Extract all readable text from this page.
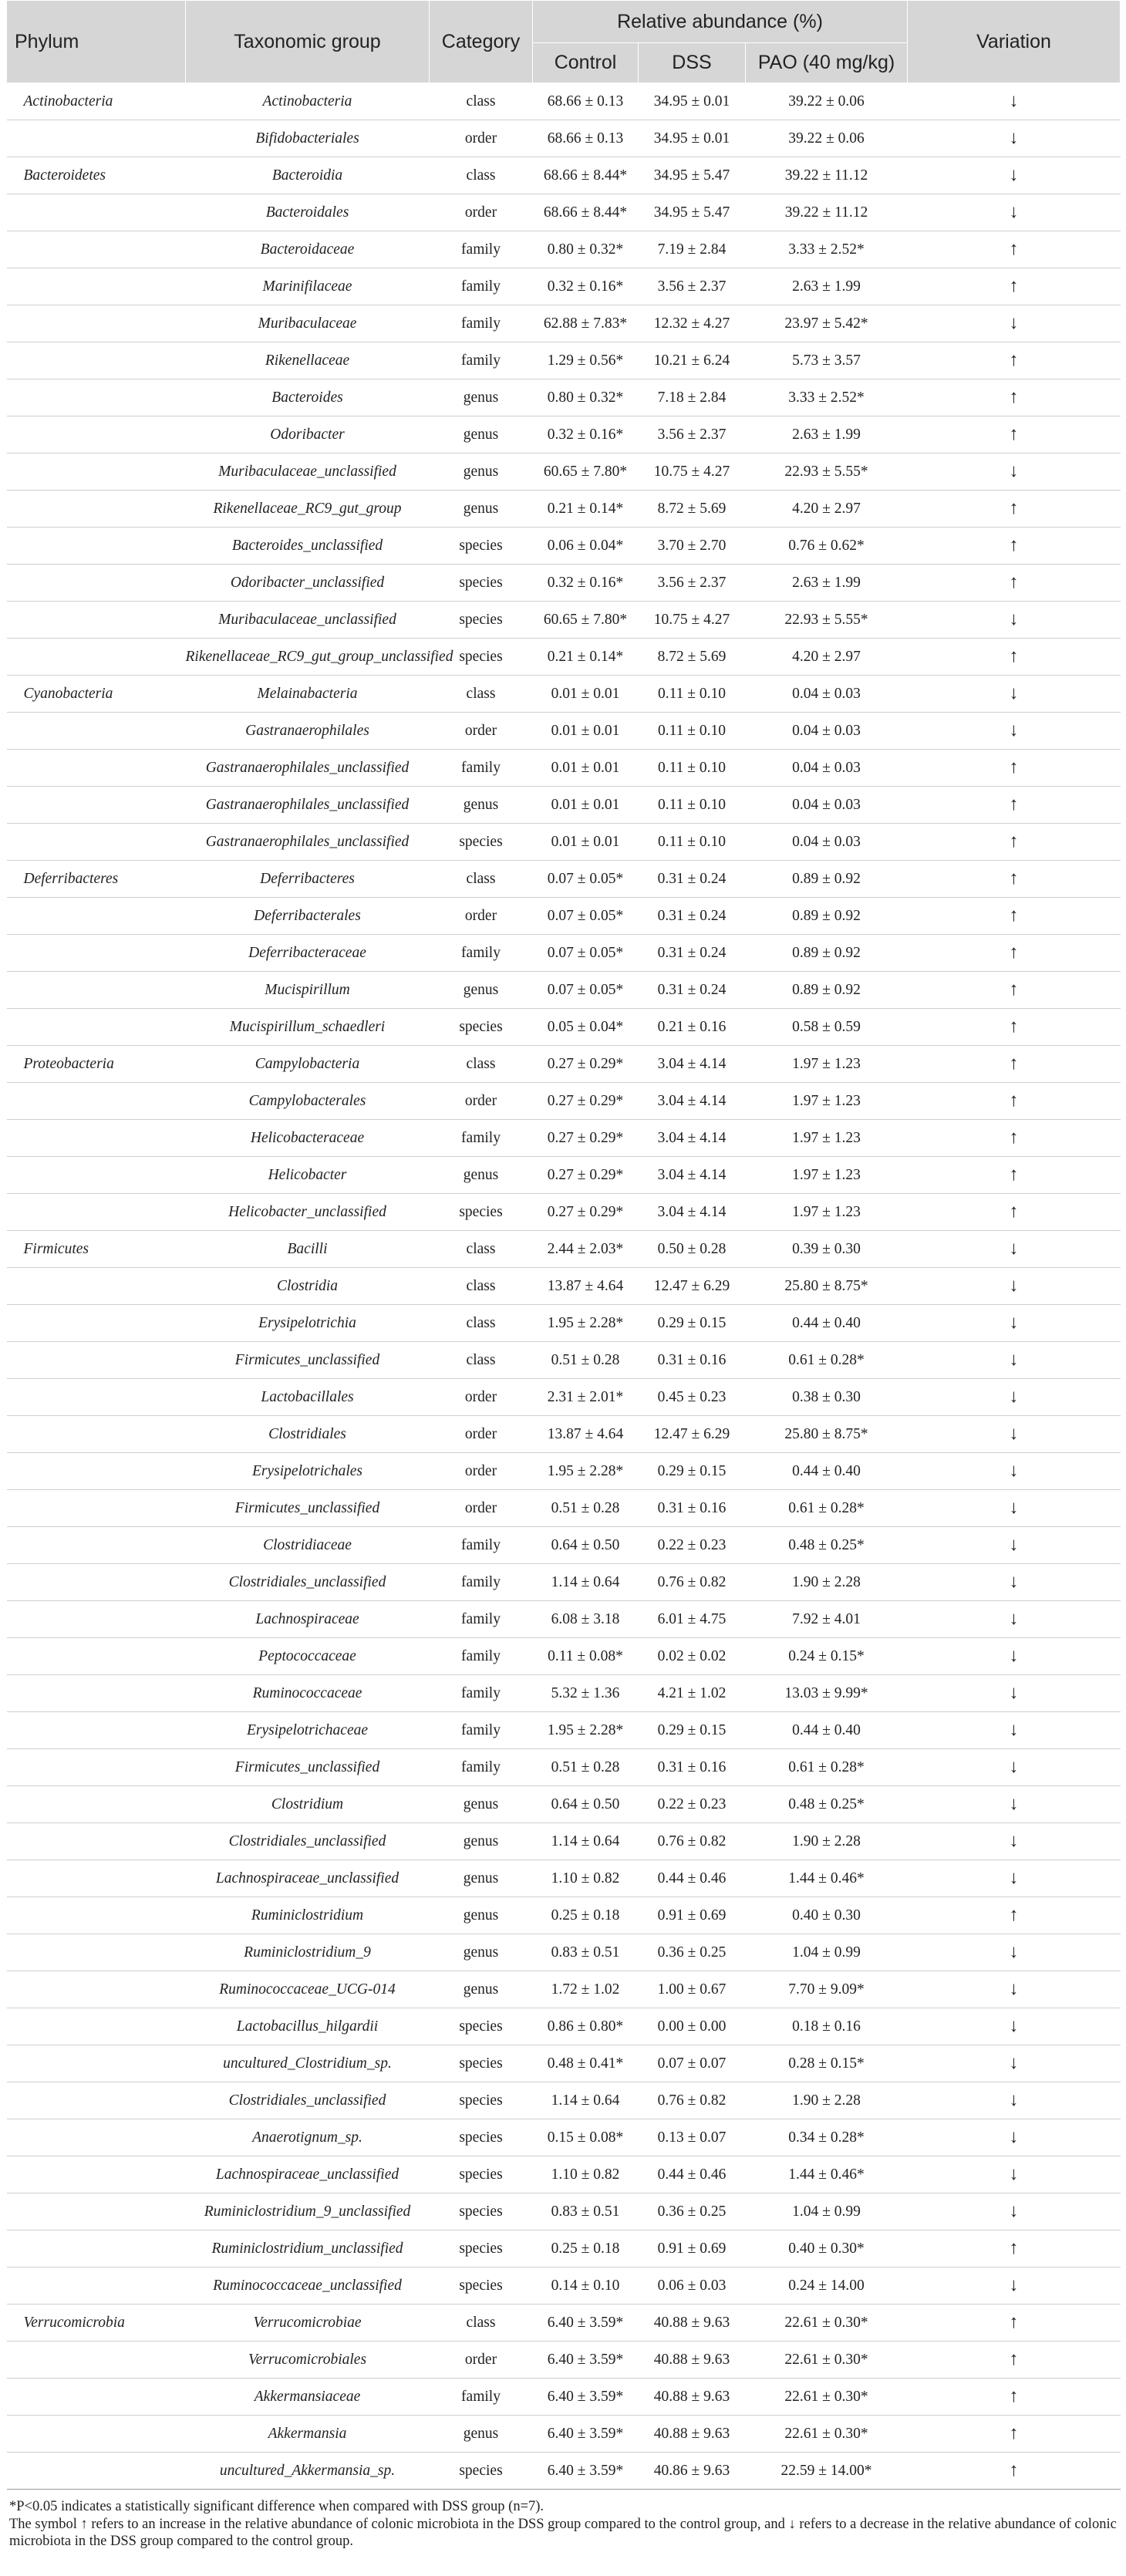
Phylum	Taxonomic group	Category	Relative abundance (%)			Variation
			Control	DSS	PAO (40 mg/kg)	
Actinobacteria	Actinobacteria	class	68.66 ± 0.13	34.95 ± 0.01	39.22 ± 0.06	↓
	Bifidobacteriales	order	68.66 ± 0.13	34.95 ± 0.01	39.22 ± 0.06	↓
Bacteroidetes	Bacteroidia	class	68.66 ± 8.44*	34.95 ± 5.47	39.22 ± 11.12	↓
	Bacteroidales	order	68.66 ± 8.44*	34.95 ± 5.47	39.22 ± 11.12	↓
	Bacteroidaceae	family	0.80 ± 0.32*	7.19 ± 2.84	3.33 ± 2.52*	↑
	Marinifilaceae	family	0.32 ± 0.16*	3.56 ± 2.37	2.63 ± 1.99	↑
	Muribaculaceae	family	62.88 ± 7.83*	12.32 ± 4.27	23.97 ± 5.42*	↓
	Rikenellaceae	family	1.29 ± 0.56*	10.21 ± 6.24	5.73 ± 3.57	↑
	Bacteroides	genus	0.80 ± 0.32*	7.18 ± 2.84	3.33 ± 2.52*	↑
	Odoribacter	genus	0.32 ± 0.16*	3.56 ± 2.37	2.63 ± 1.99	↑
	Muribaculaceae_unclassified	genus	60.65 ± 7.80*	10.75 ± 4.27	22.93 ± 5.55*	↓
	Rikenellaceae_RC9_gut_group	genus	0.21 ± 0.14*	8.72 ± 5.69	4.20 ± 2.97	↑
	Bacteroides_unclassified	species	0.06 ± 0.04*	3.70 ± 2.70	0.76 ± 0.62*	↑
	Odoribacter_unclassified	species	0.32 ± 0.16*	3.56 ± 2.37	2.63 ± 1.99	↑
	Muribaculaceae_unclassified	species	60.65 ± 7.80*	10.75 ± 4.27	22.93 ± 5.55*	↓
	Rikenellaceae_RC9_gut_group_unclassified	species	0.21 ± 0.14*	8.72 ± 5.69	4.20 ± 2.97	↑
Cyanobacteria	Melainabacteria	class	0.01 ± 0.01	0.11 ± 0.10	0.04 ± 0.03	↓
	Gastranaerophilales	order	0.01 ± 0.01	0.11 ± 0.10	0.04 ± 0.03	↓
	Gastranaerophilales_unclassified	family	0.01 ± 0.01	0.11 ± 0.10	0.04 ± 0.03	↑
	Gastranaerophilales_unclassified	genus	0.01 ± 0.01	0.11 ± 0.10	0.04 ± 0.03	↑
	Gastranaerophilales_unclassified	species	0.01 ± 0.01	0.11 ± 0.10	0.04 ± 0.03	↑
Deferribacteres	Deferribacteres	class	0.07 ± 0.05*	0.31 ± 0.24	0.89 ± 0.92	↑
	Deferribacterales	order	0.07 ± 0.05*	0.31 ± 0.24	0.89 ± 0.92	↑
	Deferribacteraceae	family	0.07 ± 0.05*	0.31 ± 0.24	0.89 ± 0.92	↑
	Mucispirillum	genus	0.07 ± 0.05*	0.31 ± 0.24	0.89 ± 0.92	↑
	Mucispirillum_schaedleri	species	0.05 ± 0.04*	0.21 ± 0.16	0.58 ± 0.59	↑
Proteobacteria	Campylobacteria	class	0.27 ± 0.29*	3.04 ± 4.14	1.97 ± 1.23	↑
	Campylobacterales	order	0.27 ± 0.29*	3.04 ± 4.14	1.97 ± 1.23	↑
	Helicobacteraceae	family	0.27 ± 0.29*	3.04 ± 4.14	1.97 ± 1.23	↑
	Helicobacter	genus	0.27 ± 0.29*	3.04 ± 4.14	1.97 ± 1.23	↑
	Helicobacter_unclassified	species	0.27 ± 0.29*	3.04 ± 4.14	1.97 ± 1.23	↑
Firmicutes	Bacilli	class	2.44 ± 2.03*	0.50 ± 0.28	0.39 ± 0.30	↓
	Clostridia	class	13.87 ± 4.64	12.47 ± 6.29	25.80 ± 8.75*	↓
	Erysipelotrichia	class	1.95 ± 2.28*	0.29 ± 0.15	0.44 ± 0.40	↓
	Firmicutes_unclassified	class	0.51 ± 0.28	0.31 ± 0.16	0.61 ± 0.28*	↓
	Lactobacillales	order	2.31 ± 2.01*	0.45 ± 0.23	0.38 ± 0.30	↓
	Clostridiales	order	13.87 ± 4.64	12.47 ± 6.29	25.80 ± 8.75*	↓
	Erysipelotrichales	order	1.95 ± 2.28*	0.29 ± 0.15	0.44 ± 0.40	↓
	Firmicutes_unclassified	order	0.51 ± 0.28	0.31 ± 0.16	0.61 ± 0.28*	↓
	Clostridiaceae	family	0.64 ± 0.50	0.22 ± 0.23	0.48 ± 0.25*	↓
	Clostridiales_unclassified	family	1.14 ± 0.64	0.76 ± 0.82	1.90 ± 2.28	↓
	Lachnospiraceae	family	6.08 ± 3.18	6.01 ± 4.75	7.92 ± 4.01	↓
	Peptococcaceae	family	0.11 ± 0.08*	0.02 ± 0.02	0.24 ± 0.15*	↓
	Ruminococcaceae	family	5.32 ± 1.36	4.21 ± 1.02	13.03 ± 9.99*	↓
	Erysipelotrichaceae	family	1.95 ± 2.28*	0.29 ± 0.15	0.44 ± 0.40	↓
	Firmicutes_unclassified	family	0.51 ± 0.28	0.31 ± 0.16	0.61 ± 0.28*	↓
	Clostridium	genus	0.64 ± 0.50	0.22 ± 0.23	0.48 ± 0.25*	↓
	Clostridiales_unclassified	genus	1.14 ± 0.64	0.76 ± 0.82	1.90 ± 2.28	↓
	Lachnospiraceae_unclassified	genus	1.10 ± 0.82	0.44 ± 0.46	1.44 ± 0.46*	↓
	Ruminiclostridium	genus	0.25 ± 0.18	0.91 ± 0.69	0.40 ± 0.30	↑
	Ruminiclostridium_9	genus	0.83 ± 0.51	0.36 ± 0.25	1.04 ± 0.99	↓
	Ruminococcaceae_UCG-014	genus	1.72 ± 1.02	1.00 ± 0.67	7.70 ± 9.09*	↓
	Lactobacillus_hilgardii	species	0.86 ± 0.80*	0.00 ± 0.00	0.18 ± 0.16	↓
	uncultured_Clostridium_sp.	species	0.48 ± 0.41*	0.07 ± 0.07	0.28 ± 0.15*	↓
	Clostridiales_unclassified	species	1.14 ± 0.64	0.76 ± 0.82	1.90 ± 2.28	↓
	Anaerotignum_sp.	species	0.15 ± 0.08*	0.13 ± 0.07	0.34 ± 0.28*	↓
	Lachnospiraceae_unclassified	species	1.10 ± 0.82	0.44 ± 0.46	1.44 ± 0.46*	↓
	Ruminiclostridium_9_unclassified	species	0.83 ± 0.51	0.36 ± 0.25	1.04 ± 0.99	↓
	Ruminiclostridium_unclassified	species	0.25 ± 0.18	0.91 ± 0.69	0.40 ± 0.30*	↑
	Ruminococcaceae_unclassified	species	0.14 ± 0.10	0.06 ± 0.03	0.24 ± 14.00	↓
Verrucomicrobia	Verrucomicrobiae	class	6.40 ± 3.59*	40.88 ± 9.63	22.61 ± 0.30*	↑
	Verrucomicrobiales	order	6.40 ± 3.59*	40.88 ± 9.63	22.61 ± 0.30*	↑
	Akkermansiaceae	family	6.40 ± 3.59*	40.88 ± 9.63	22.61 ± 0.30*	↑
	Akkermansia	genus	6.40 ± 3.59*	40.88 ± 9.63	22.61 ± 0.30*	↑
	uncultured_Akkermansia_sp.	species	6.40 ± 3.59*	40.86 ± 9.63	22.59 ± 14.00*	↑

*P<0.05 indicates a statistically significant difference when compared with DSS group (n=7).

The symbol ↑ refers to an increase in the relative abundance of colonic microbiota in the DSS group compared to the control group, and ↓ refers to a decrease in the relative abundance of colonic microbiota in the DSS group compared to the control group.
